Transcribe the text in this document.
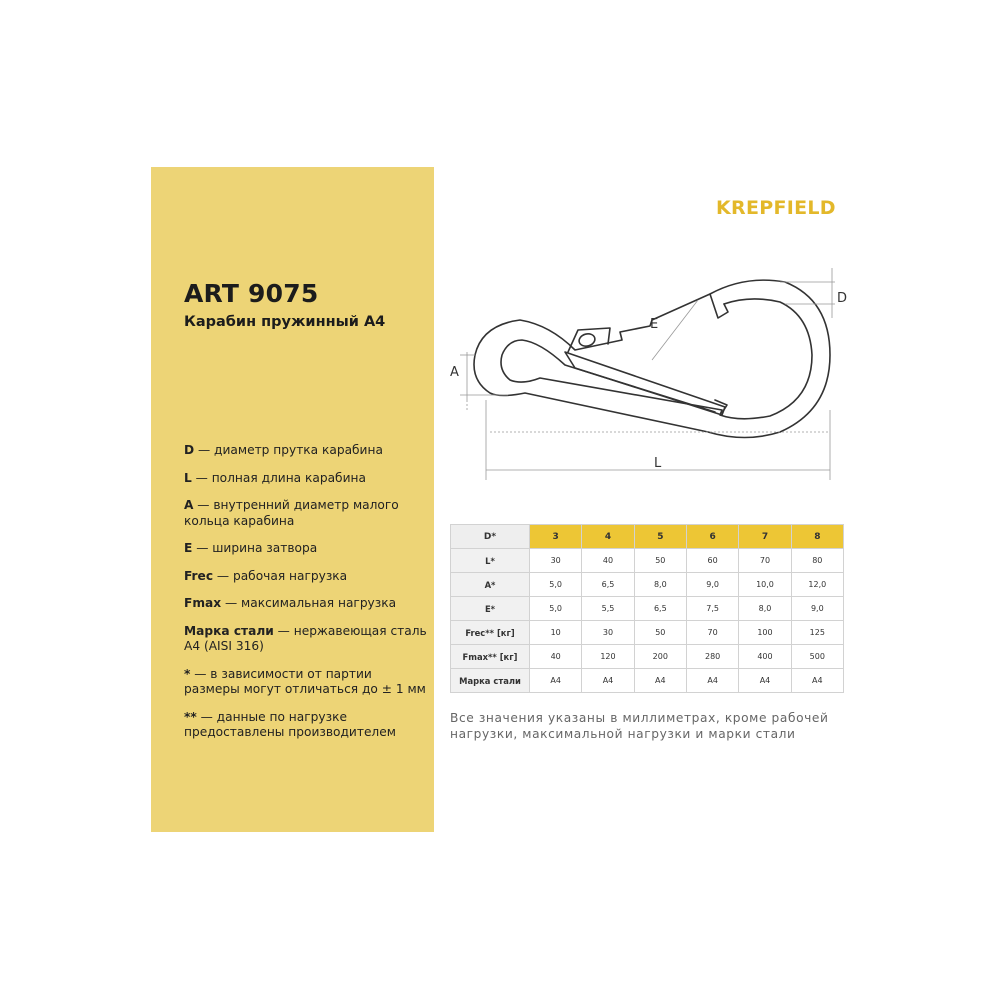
ART 9075
Карабин пружинный А4
D — диаметр прутка карабина
L — полная длина карабина
A — внутренний диаметр малого кольца карабина
E — ширина затвора
Frec — рабочая нагрузка
Fmax — максимальная нагрузка
Марка стали — нержавеющая сталь А4 (AISI 316)
* — в зависимости от партии размеры могут отличаться до ± 1 мм
** — данные по нагрузке предоставлены производителем
KREPFIELD
D
E
A
L
D*	3	4	5	6	7	8
L*	30	40	50	60	70	80
A*	5,0	6,5	8,0	9,0	10,0	12,0
E*	5,0	5,5	6,5	7,5	8,0	9,0
Frec** [кг]	10	30	50	70	100	125
Fmax** [кг]	40	120	200	280	400	500
Марка стали	A4	A4	A4	A4	A4	A4
Все значения указаны в миллиметрах, кроме рабочей нагрузки, максимальной нагрузки и марки стали
